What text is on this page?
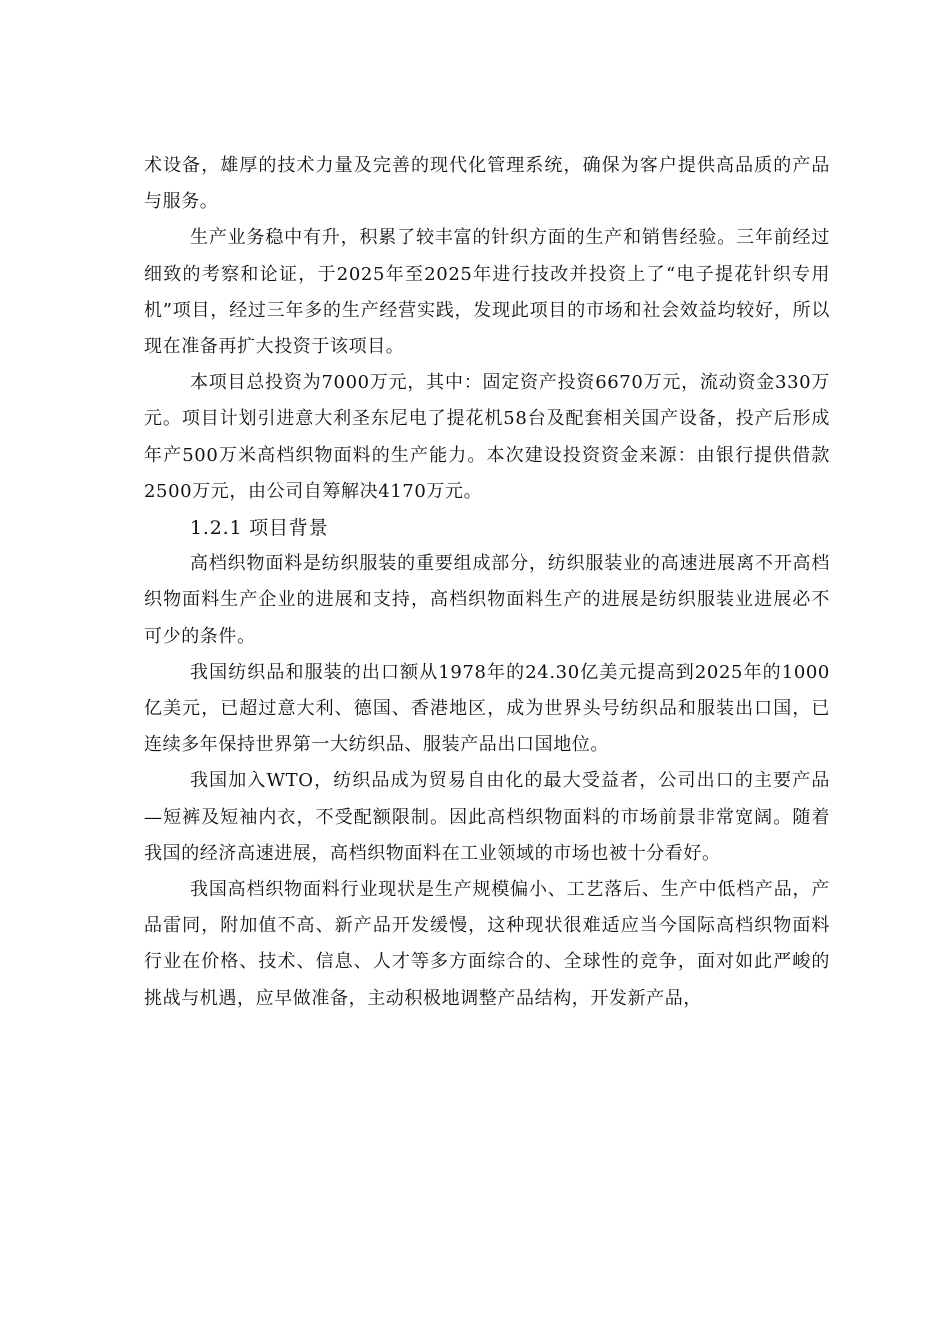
术设备，雄厚的技术力量及完善的现代化管理系统，确保为客户提供高品质的产品与服务。

生产业务稳中有升，积累了较丰富的针织方面的生产和销售经验。三年前经过细致的考察和论证，于2025年至2025年进行技改并投资上了“电子提花针织专用机”项目，经过三年多的生产经营实践，发现此项目的市场和社会效益均较好，所以现在准备再扩大投资于该项目。

本项目总投资为7000万元，其中：固定资产投资6670万元，流动资金330万元。项目计划引进意大利圣东尼电了提花机58台及配套相关国产设备，投产后形成年产500万米高档织物面料的生产能力。本次建设投资资金来源：由银行提供借款2500万元，由公司自筹解决4170万元。

1.2.1 项目背景

高档织物面料是纺织服装的重要组成部分，纺织服装业的高速进展离不开高档织物面料生产企业的进展和支持，高档织物面料生产的进展是纺织服装业进展必不可少的条件。

我国纺织品和服装的出口额从1978年的24.30亿美元提高到2025年的1000亿美元，已超过意大利、德国、香港地区，成为世界头号纺织品和服装出口国，已连续多年保持世界第一大纺织品、服装产品出口国地位。

我国加入WTO，纺织品成为贸易自由化的最大受益者，公司出口的主要产品—短裤及短袖内衣，不受配额限制。因此高档织物面料的市场前景非常宽阔。随着我国的经济高速进展，高档织物面料在工业领域的市场也被十分看好。

我国高档织物面料行业现状是生产规模偏小、工艺落后、生产中低档产品，产品雷同，附加值不高、新产品开发缓慢，这种现状很难适应当今国际高档织物面料行业在价格、技术、信息、人才等多方面综合的、全球性的竞争，面对如此严峻的挑战与机遇，应早做准备，主动积极地调整产品结构，开发新产品，
